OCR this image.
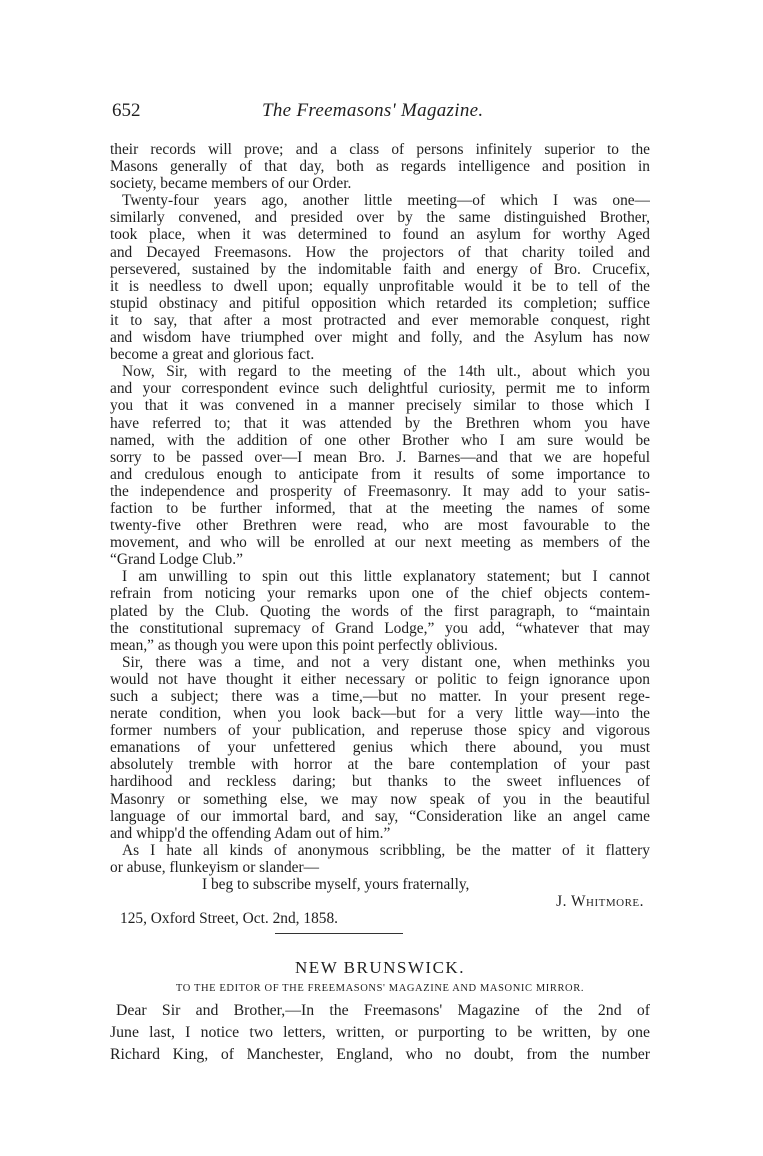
652	The Freemasons' Magazine.
their records will prove; and a class of persons infinitely superior to the
Masons generally of that day, both as regards intelligence and position in
society, became members of our Order.
Twenty-four years ago, another little meeting—of which I was one—
similarly convened, and presided over by the same distinguished Brother,
took place, when it was determined to found an asylum for worthy Aged
and Decayed Freemasons. How the projectors of that charity toiled and
persevered, sustained by the indomitable faith and energy of Bro. Crucefix,
it is needless to dwell upon; equally unprofitable would it be to tell of the
stupid obstinacy and pitiful opposition which retarded its completion; suffice
it to say, that after a most protracted and ever memorable conquest, right
and wisdom have triumphed over might and folly, and the Asylum has now
become a great and glorious fact.
Now, Sir, with regard to the meeting of the 14th ult., about which you
and your correspondent evince such delightful curiosity, permit me to inform
you that it was convened in a manner precisely similar to those which I
have referred to; that it was attended by the Brethren whom you have
named, with the addition of one other Brother who I am sure would be
sorry to be passed over—I mean Bro. J. Barnes—and that we are hopeful
and credulous enough to anticipate from it results of some importance to
the independence and prosperity of Freemasonry. It may add to your satis-
faction to be further informed, that at the meeting the names of some
twenty-five other Brethren were read, who are most favourable to the
movement, and who will be enrolled at our next meeting as members of the
“Grand Lodge Club.”
I am unwilling to spin out this little explanatory statement; but I cannot
refrain from noticing your remarks upon one of the chief objects contem-
plated by the Club. Quoting the words of the first paragraph, to “maintain
the constitutional supremacy of Grand Lodge,” you add, “whatever that may
mean,” as though you were upon this point perfectly oblivious.
Sir, there was a time, and not a very distant one, when methinks you
would not have thought it either necessary or politic to feign ignorance upon
such a subject; there was a time,—but no matter. In your present rege-
nerate condition, when you look back—but for a very little way—into the
former numbers of your publication, and reperuse those spicy and vigorous
emanations of your unfettered genius which there abound, you must
absolutely tremble with horror at the bare contemplation of your past
hardihood and reckless daring; but thanks to the sweet influences of
Masonry or something else, we may now speak of you in the beautiful
language of our immortal bard, and say, “Consideration like an angel came
and whipp'd the offending Adam out of him.”
As I hate all kinds of anonymous scribbling, be the matter of it flattery
or abuse, flunkeyism or slander—
I beg to subscribe myself, yours fraternally,
J. Whitmore.
125, Oxford Street, Oct. 2nd, 1858.
NEW BRUNSWICK.
TO THE EDITOR OF THE FREEMASONS' MAGAZINE AND MASONIC MIRROR.
Dear Sir and Brother,—In the Freemasons' Magazine of the 2nd of
June last, I notice two letters, written, or purporting to be written, by one
Richard King, of Manchester, England, who no doubt, from the number
